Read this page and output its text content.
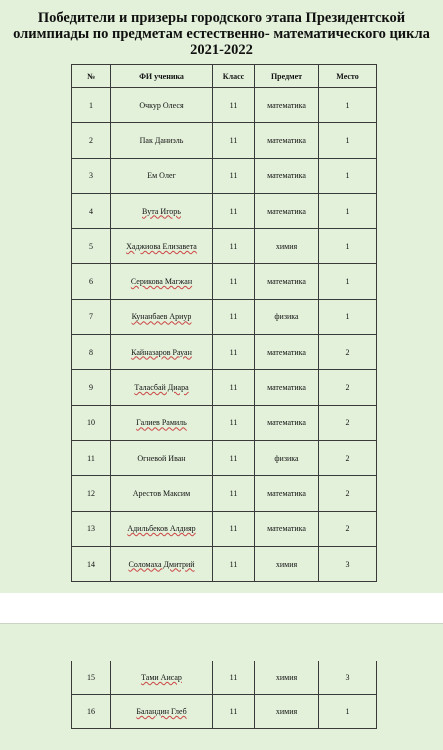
Победители и призеры городского этапа Президентской
олимпиады по предметам естественно- математического цикла
2021-2022
№	ФИ ученика	Класс	Предмет	Место
1	Очкур Олеся	11	математика	1
2	Пак Даниэль	11	математика	1
3	Ем Олег	11	математика	1
4	Вута Игорь	11	математика	1
5	Хаджиова Елизавета	11	химия	1
6	Серикова Магжан	11	математика	1
7	Кунанбаев Ариур	11	физика	1
8	Кайназаров Рауан	11	математика	2
9	Таласбай Диара	11	математика	2
10	Галиев Рамиль	11	математика	2
11	Огневой Иван	11	физика	2
12	Арестов Максим	11	математика	2
13	Адильбеков Алдияр	11	математика	2
14	Соломаха Дмитрий	11	химия	3
15	Тами Аисар	11	химия	3
16	Баландин Глеб	11	химия	1
